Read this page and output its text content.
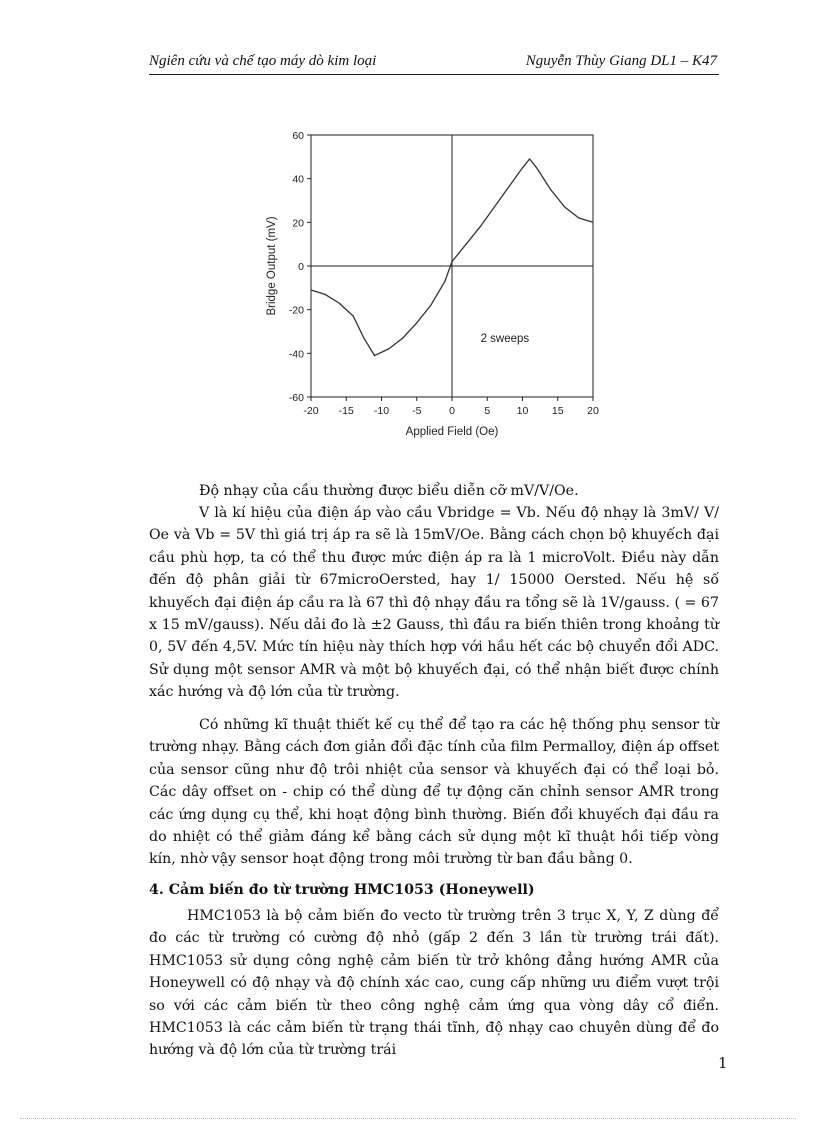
Ngiên cứu và chế tạo máy dò kim loại	Nguyễn Thùy Giang DL1 – K47
-20 -15 -10 -5	0	5	10 15 20
-60
-40
-20
0
20
40
60
Applied Field (Oe)
Bridge Output (mV)
2 sweeps
Độ nhạy của cầu thường được biểu diễn cỡ mV/V/Oe.
V là kí hiệu của điện áp vào cầu Vbridge = Vb. Nếu độ nhạy là 3mV/ V/ Oe và Vb = 5V thì giá trị áp ra sẽ là 15mV/Oe. Bằng cách chọn bộ khuyếch đại cầu phù hợp, ta có thể thu được mức điện áp ra là 1 microVolt. Điều này dẫn đến độ phân giải từ 67microOersted, hay 1/ 15000 Oersted. Nếu hệ số khuyếch đại điện áp cầu ra là 67 thì độ nhạy đầu ra tổng sẽ là 1V/gauss. ( = 67 x 15 mV/gauss). Nếu dải đo là ±2 Gauss, thì đầu ra biến thiên trong khoảng từ 0, 5V đến 4,5V. Mức tín hiệu này thích hợp với hầu hết các bộ chuyển đổi ADC. Sử dụng một sensor AMR và một bộ khuyếch đại, có thể nhận biết được chính xác hướng và độ lớn của từ trường.
Có những kĩ thuật thiết kế cụ thể để tạo ra các hệ thống phụ sensor từ trường nhạy. Bằng cách đơn giản đổi đặc tính của film Permalloy, điện áp offset của sensor cũng như độ trôi nhiệt của sensor và khuyếch đại có thể loại bỏ. Các dây offset on - chip có thể dùng để tự động căn chỉnh sensor AMR trong các ứng dụng cụ thể, khi hoạt động bình thường. Biến đổi khuyếch đại đầu ra do nhiệt có thể giảm đáng kể bằng cách sử dụng một kĩ thuật hồi tiếp vòng kín, nhờ vậy sensor hoạt động trong môi trường từ ban đầu bằng 0.
4. Cảm biến đo từ trường HMC1053 (Honeywell)
HMC1053 là bộ cảm biến đo vecto từ trường trên 3 trục X, Y, Z dùng để đo các từ trường có cường độ nhỏ (gấp 2 đến 3 lần từ trường trái đất). HMC1053 sử dụng công nghệ cảm biến từ trở không đẳng hướng AMR của Honeywell có độ nhạy và độ chính xác cao, cung cấp những ưu điểm vượt trội so với các cảm biến từ theo công nghệ cảm ứng qua vòng dây cổ điển. HMC1053 là các cảm biến từ trạng thái tĩnh, độ nhạy cao chuyên dùng để đo hướng và độ lớn của từ trường trái
1
